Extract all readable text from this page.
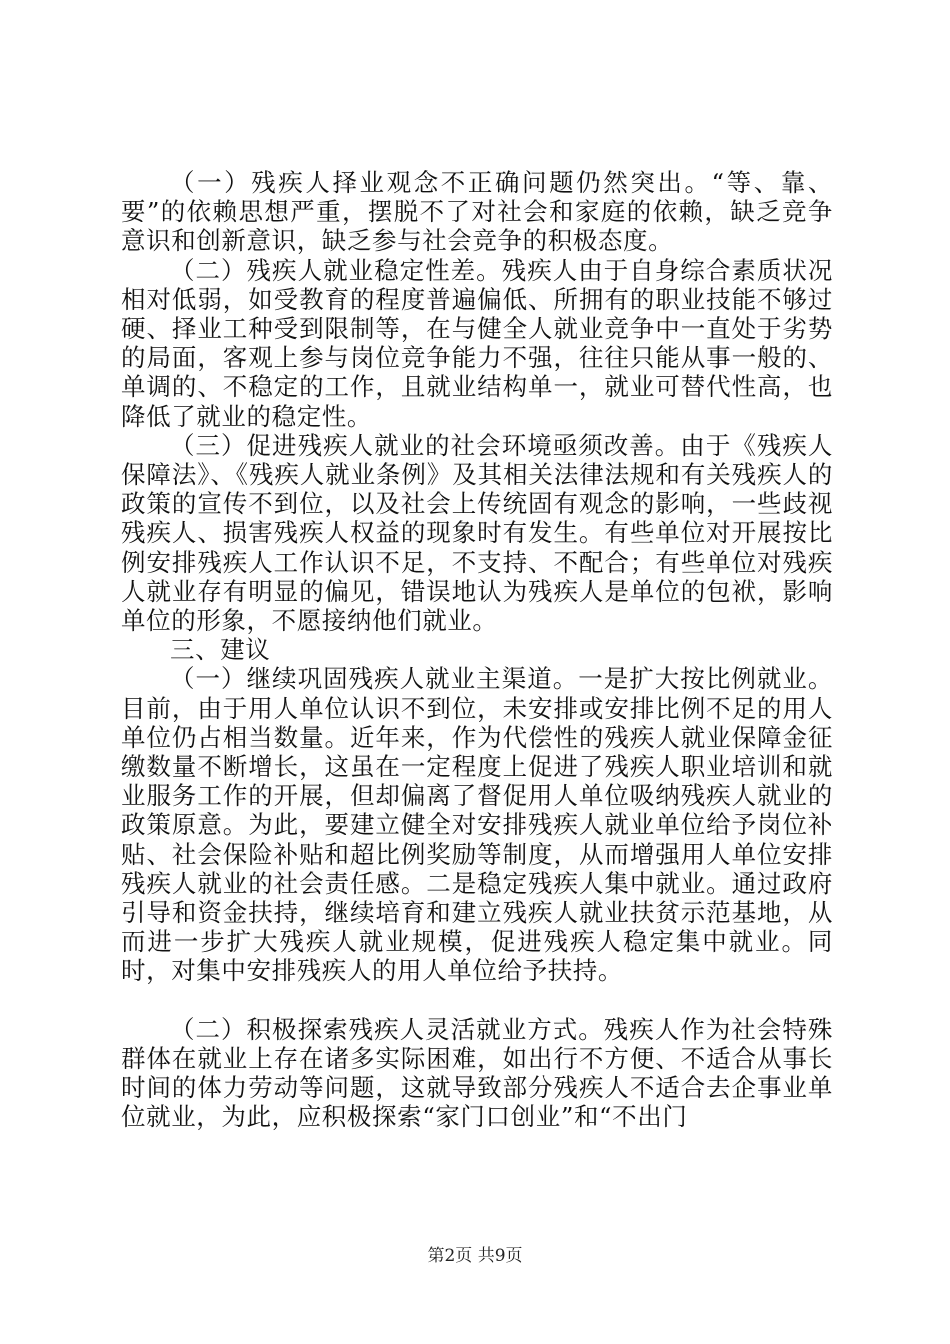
（一）残疾人择业观念不正确问题仍然突出。“等、靠、要”的依赖思想严重，摆脱不了对社会和家庭的依赖，缺乏竞争意识和创新意识，缺乏参与社会竞争的积极态度。

（二）残疾人就业稳定性差。残疾人由于自身综合素质状况相对低弱，如受教育的程度普遍偏低、所拥有的职业技能不够过硬、择业工种受到限制等，在与健全人就业竞争中一直处于劣势的局面，客观上参与岗位竞争能力不强，往往只能从事一般的、单调的、不稳定的工作，且就业结构单一，就业可替代性高，也降低了就业的稳定性。

（三）促进残疾人就业的社会环境亟须改善。由于《残疾人保障法》、《残疾人就业条例》及其相关法律法规和有关残疾人的政策的宣传不到位，以及社会上传统固有观念的影响，一些歧视残疾人、损害残疾人权益的现象时有发生。有些单位对开展按比例安排残疾人工作认识不足，不支持、不配合；有些单位对残疾人就业存有明显的偏见，错误地认为残疾人是单位的包袱，影响单位的形象，不愿接纳他们就业。

三、建议

（一）继续巩固残疾人就业主渠道。一是扩大按比例就业。目前，由于用人单位认识不到位，未安排或安排比例不足的用人单位仍占相当数量。近年来，作为代偿性的残疾人就业保障金征缴数量不断增长，这虽在一定程度上促进了残疾人职业培训和就业服务工作的开展，但却偏离了督促用人单位吸纳残疾人就业的政策原意。为此，要建立健全对安排残疾人就业单位给予岗位补贴、社会保险补贴和超比例奖励等制度，从而增强用人单位安排残疾人就业的社会责任感。二是稳定残疾人集中就业。通过政府引导和资金扶持，继续培育和建立残疾人就业扶贫示范基地，从而进一步扩大残疾人就业规模，促进残疾人稳定集中就业。同时，对集中安排残疾人的用人单位给予扶持。

（二）积极探索残疾人灵活就业方式。残疾人作为社会特殊群体在就业上存在诸多实际困难，如出行不方便、不适合从事长时间的体力劳动等问题，这就导致部分残疾人不适合去企事业单位就业，为此，应积极探索“家门口创业”和“不出门

第2页 共9页
